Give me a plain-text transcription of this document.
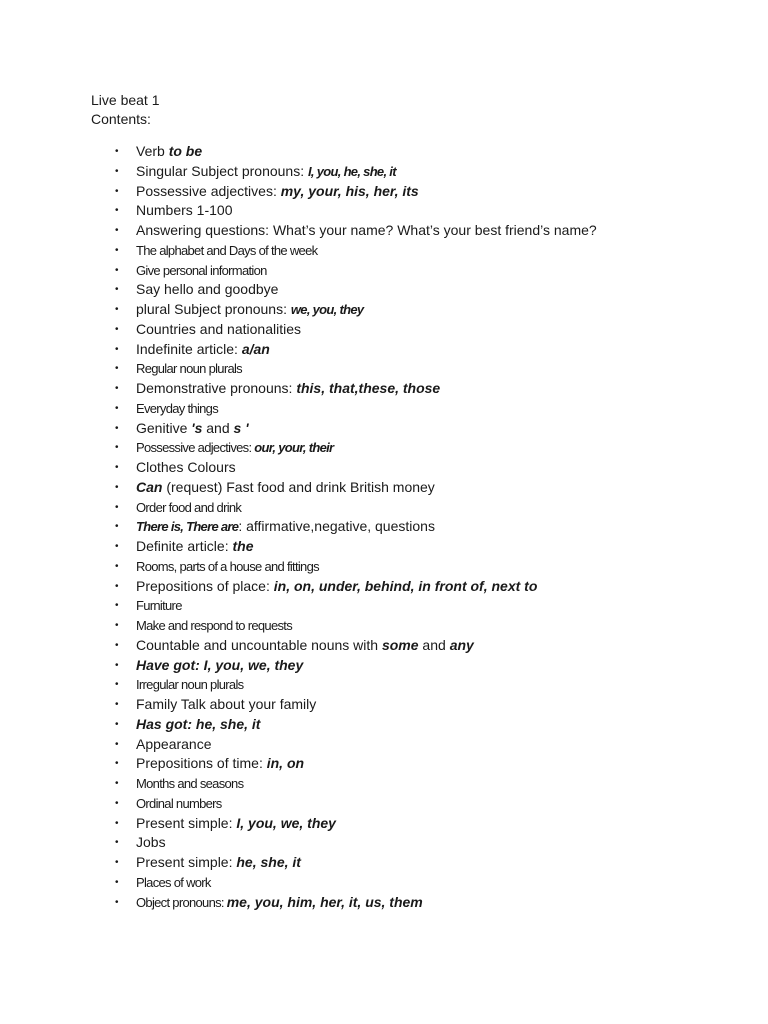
Live beat 1
Contents:
• Verb to be
• Singular Subject pronouns: I, you, he, she, it
• Possessive adjectives: my, your, his, her, its
• Numbers 1-100
• Answering questions: What’s your name? What’s your best friend’s name?
• The alphabet and Days of the week
• Give personal information
• Say hello and goodbye
• plural Subject pronouns: we, you, they
• Countries and nationalities
• Indefinite article: a/an
• Regular noun plurals
• Demonstrative pronouns: this, that,these, those
• Everyday things
• Genitive 's and s '
• Possessive adjectives: our, your, their
• Clothes Colours
• Can (request) Fast food and drink British money
• Order food and drink
• There is, There are: affirmative,negative, questions
• Definite article: the
• Rooms, parts of a house and fittings
• Prepositions of place: in, on, under, behind, in front of, next to
• Furniture
• Make and respond to requests
• Countable and uncountable nouns with some and any
• Have got: I, you, we, they
• Irregular noun plurals
• Family Talk about your family
• Has got: he, she, it
• Appearance
• Prepositions of time: in, on
• Months and seasons
• Ordinal numbers
• Present simple: I, you, we, they
• Jobs
• Present simple: he, she, it
• Places of work
• Object pronouns: me, you, him, her, it, us, them
